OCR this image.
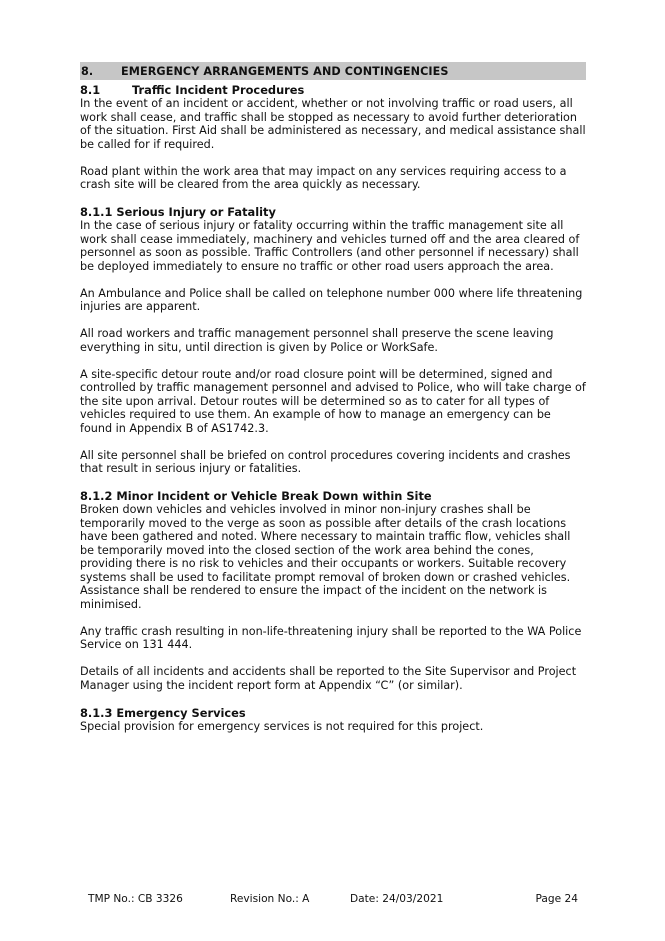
8.	EMERGENCY ARRANGEMENTS AND CONTINGENCIES
8.1	Traffic Incident Procedures

In the event of an incident or accident, whether or not involving traffic or road users, all work shall cease, and traffic shall be stopped as necessary to avoid further deterioration of the situation. First Aid shall be administered as necessary, and medical assistance shall be called for if required.

Road plant within the work area that may impact on any services requiring access to a crash site will be cleared from the area quickly as necessary.

8.1.1 Serious Injury or Fatality

In the case of serious injury or fatality occurring within the traffic management site all work shall cease immediately, machinery and vehicles turned off and the area cleared of personnel as soon as possible. Traffic Controllers (and other personnel if necessary) shall be deployed immediately to ensure no traffic or other road users approach the area.

An Ambulance and Police shall be called on telephone number 000 where life threatening injuries are apparent.

All road workers and traffic management personnel shall preserve the scene leaving everything in situ, until direction is given by Police or WorkSafe.

A site-specific detour route and/or road closure point will be determined, signed and controlled by traffic management personnel and advised to Police, who will take charge of the site upon arrival. Detour routes will be determined so as to cater for all types of vehicles required to use them. An example of how to manage an emergency can be found in Appendix B of AS1742.3.

All site personnel shall be briefed on control procedures covering incidents and crashes that result in serious injury or fatalities.

8.1.2 Minor Incident or Vehicle Break Down within Site

Broken down vehicles and vehicles involved in minor non-injury crashes shall be temporarily moved to the verge as soon as possible after details of the crash locations have been gathered and noted. Where necessary to maintain traffic flow, vehicles shall be temporarily moved into the closed section of the work area behind the cones, providing there is no risk to vehicles and their occupants or workers. Suitable recovery systems shall be used to facilitate prompt removal of broken down or crashed vehicles. Assistance shall be rendered to ensure the impact of the incident on the network is minimised.

Any traffic crash resulting in non-life-threatening injury shall be reported to the WA Police Service on 131 444.

Details of all incidents and accidents shall be reported to the Site Supervisor and Project Manager using the incident report form at Appendix “C” (or similar).

8.1.3 Emergency Services

Special provision for emergency services is not required for this project.

TMP No.: CB 3326	Revision No.: A	Date: 24/03/2021	Page 24
